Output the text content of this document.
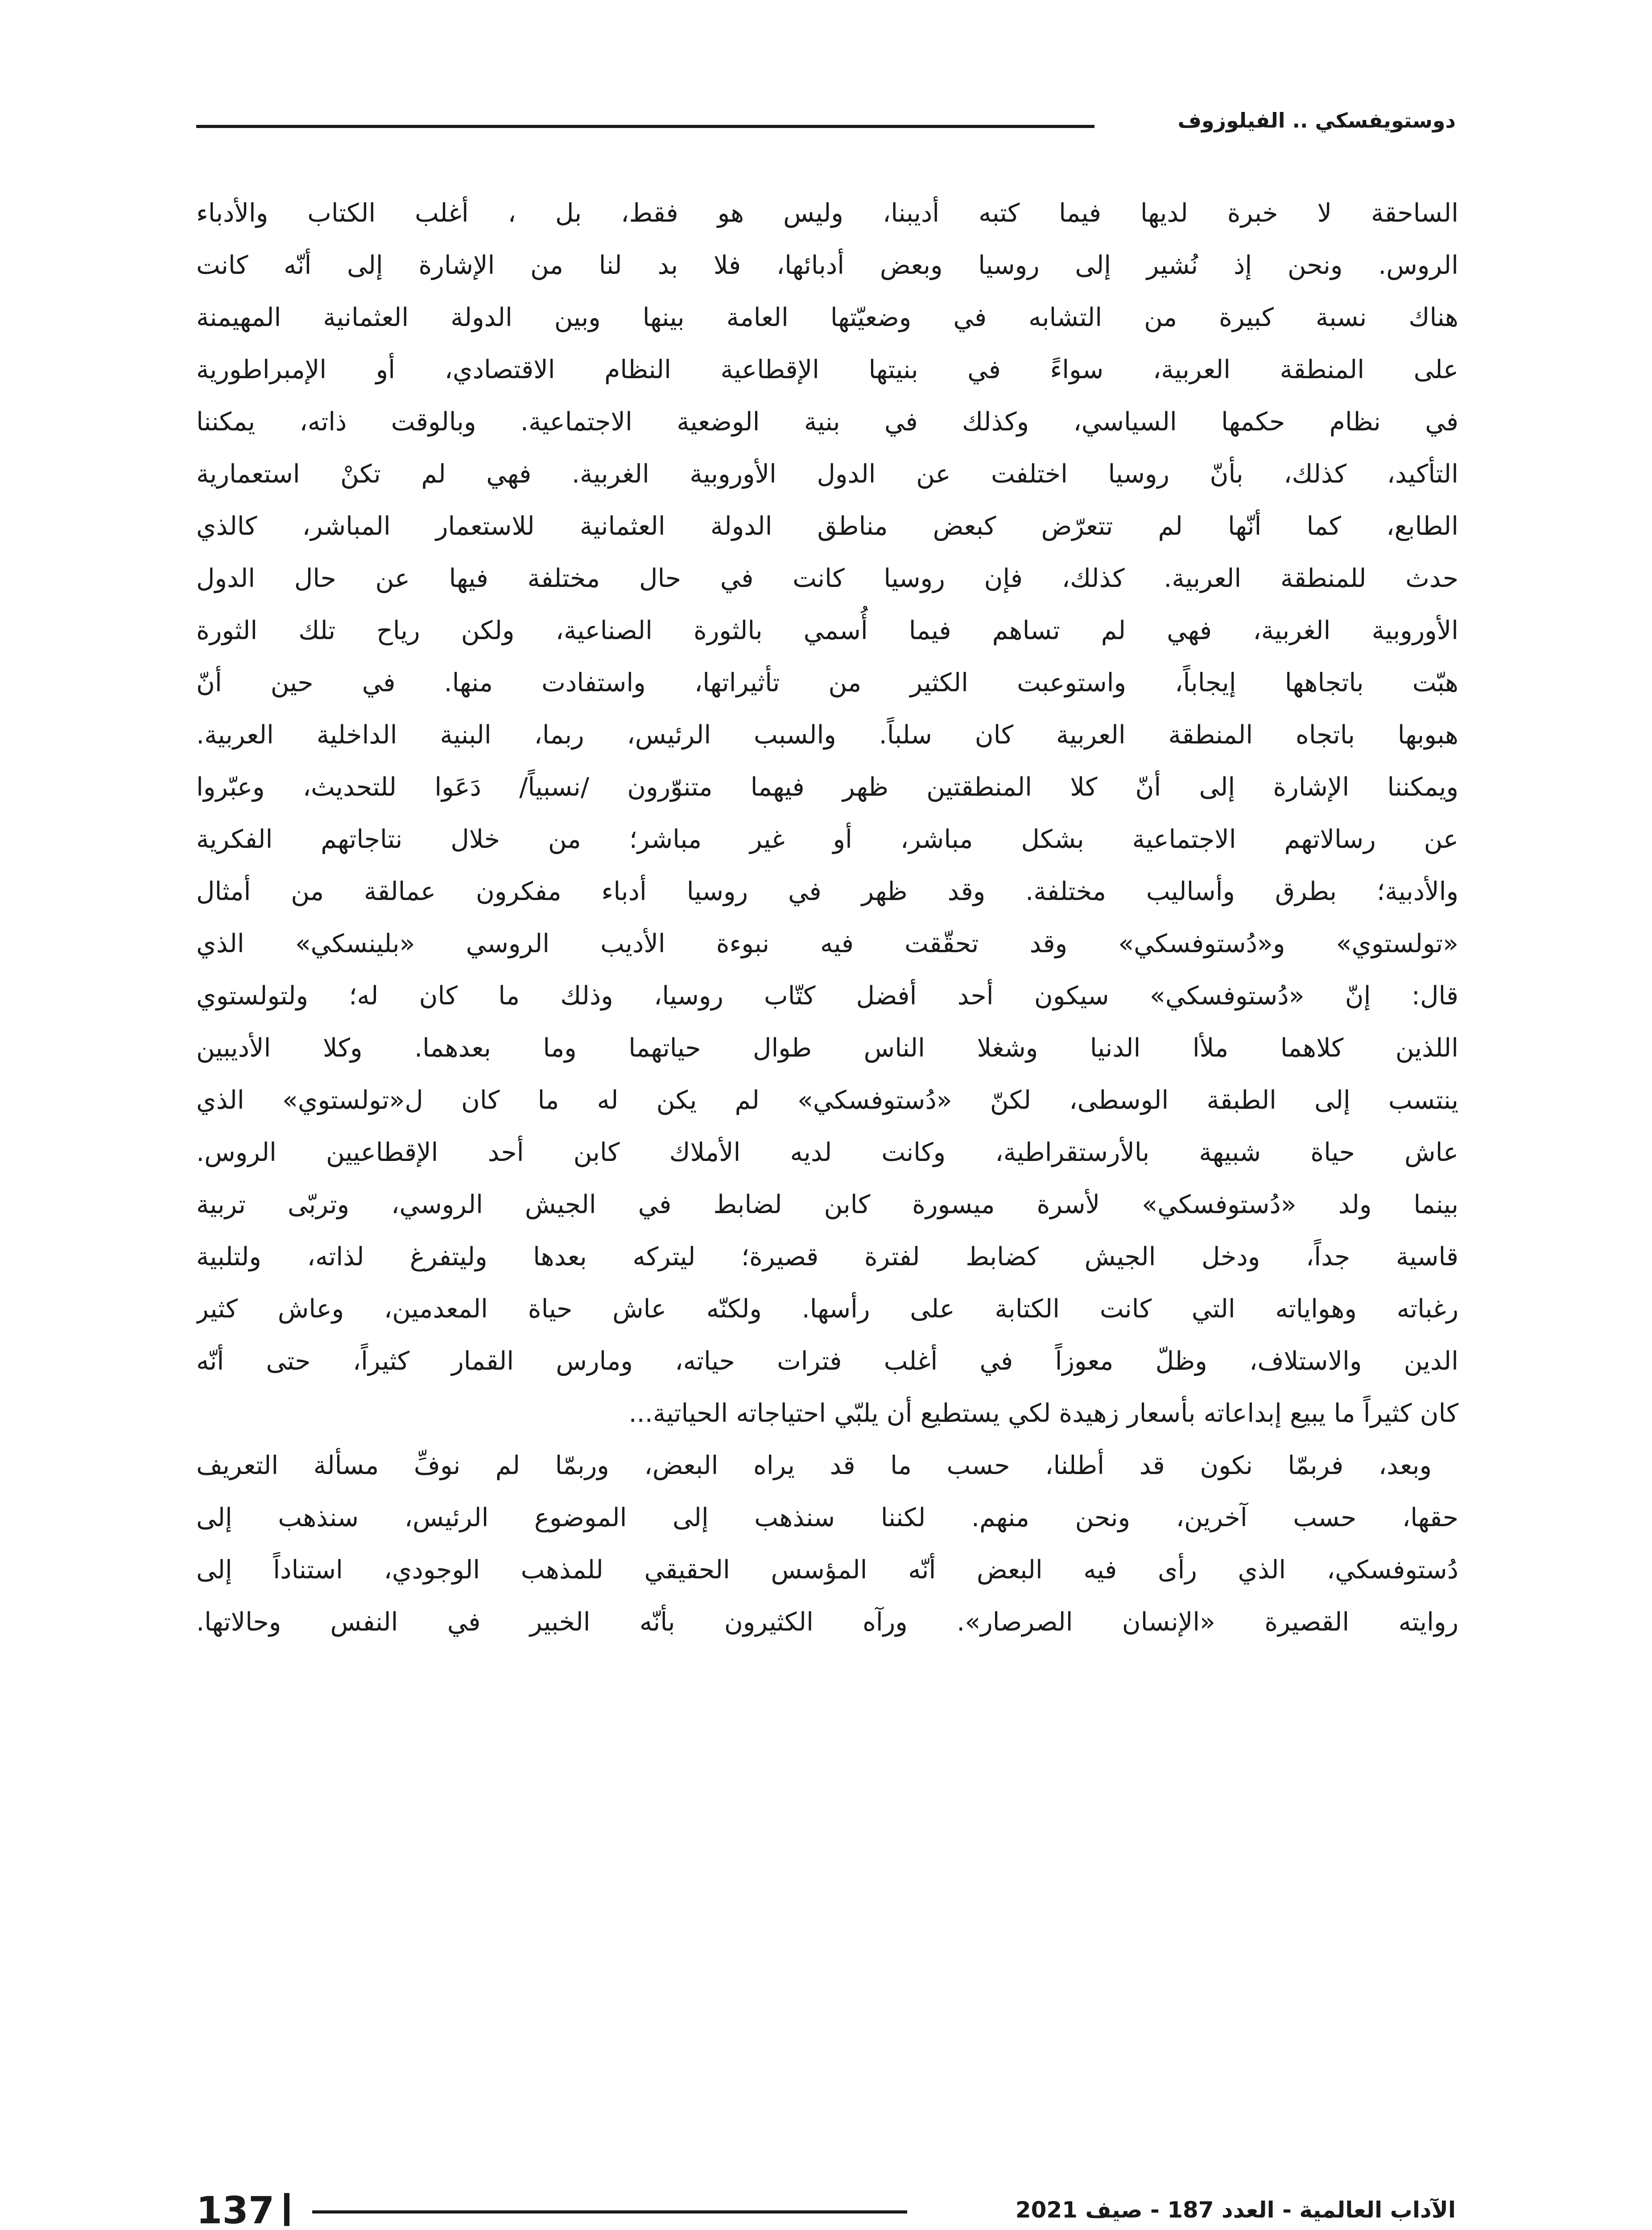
دوستويفسكي .. الفيلوزوف
الساحقة لا خبرة لديها فيما كتبه أديبنا، وليس هو فقط، بل ، أغلب الكتاب والأدباء
الروس. ونحن إذ نُشير إلى روسيا وبعض أدبائها، فلا بد لنا من الإشارة إلى أنّه كانت
هناك نسبة كبيرة من التشابه في وضعيّتها العامة بينها وبين الدولة العثمانية المهيمنة
على المنطقة العربية، سواءً في بنيتها الإقطاعية النظام الاقتصادي، أو الإمبراطورية
في نظام حكمها السياسي، وكذلك في بنية الوضعية الاجتماعية. وبالوقت ذاته، يمكننا
التأكيد، كذلك، بأنّ روسيا اختلفت عن الدول الأوروبية الغربية. فهي لم تكنْ استعمارية
الطابع، كما أنّها لم تتعرّض كبعض مناطق الدولة العثمانية للاستعمار المباشر، كالذي
حدث للمنطقة العربية. كذلك، فإن روسيا كانت في حال مختلفة فيها عن حال الدول
الأوروبية الغربية، فهي لم تساهم فيما أُسمي بالثورة الصناعية، ولكن رياح تلك الثورة
هبّت باتجاهها إيجاباً، واستوعبت الكثير من تأثيراتها، واستفادت منها. في حين أنّ
هبوبها باتجاه المنطقة العربية كان سلباً. والسبب الرئيس، ربما، البنية الداخلية العربية.
ويمكننا الإشارة إلى أنّ كلا المنطقتين ظهر فيهما متنوّرون /نسبياً/ دَعَوا للتحديث، وعبّروا
عن رسالاتهم الاجتماعية بشكل مباشر، أو غير مباشر؛ من خلال نتاجاتهم الفكرية
والأدبية؛ بطرق وأساليب مختلفة. وقد ظهر في روسيا أدباء مفكرون عمالقة من أمثال
«تولستوي» و«دُستوفسكي» وقد تحقّقت فيه نبوءة الأديب الروسي «بلينسكي» الذي
قال: إنّ «دُستوفسكي» سيكون أحد أفضل كتّاب روسيا، وذلك ما كان له؛ ولتولستوي
اللذين كلاهما ملأا الدنيا وشغلا الناس طوال حياتهما وما بعدهما. وكلا الأديبين
ينتسب إلى الطبقة الوسطى، لكنّ «دُستوفسكي» لم يكن له ما كان ل«تولستوي» الذي
عاش حياة شبيهة بالأرستقراطية، وكانت لديه الأملاك كابن أحد الإقطاعيين الروس.
بينما ولد «دُستوفسكي» لأسرة ميسورة كابن لضابط في الجيش الروسي، وتربّى تربية
قاسية جداً، ودخل الجيش كضابط لفترة قصيرة؛ ليتركه بعدها وليتفرغ لذاته، ولتلبية
رغباته وهواياته التي كانت الكتابة على رأسها. ولكنّه عاش حياة المعدمين، وعاش كثير
الدين والاستلاف، وظلّ معوزاً في أغلب فترات حياته، ومارس القمار كثيراً، حتى أنّه
كان كثيراً ما يبيع إبداعاته بأسعار زهيدة لكي يستطيع أن يلبّي احتياجاته الحياتية...
وبعد، فربمّا نكون قد أطلنا، حسب ما قد يراه البعض، وربمّا لم نوفِّ مسألة التعريف
حقها، حسب آخرين، ونحن منهم. لكننا سنذهب إلى الموضوع الرئيس، سنذهب إلى
دُستوفسكي، الذي رأى فيه البعض أنّه المؤسس الحقيقي للمذهب الوجودي، استناداً إلى
روايته القصيرة «الإنسان الصرصار». ورآه الكثيرون بأنّه الخبير في النفس وحالاتها.
الآداب العالمية - العدد 187 - صيف 2021
137
